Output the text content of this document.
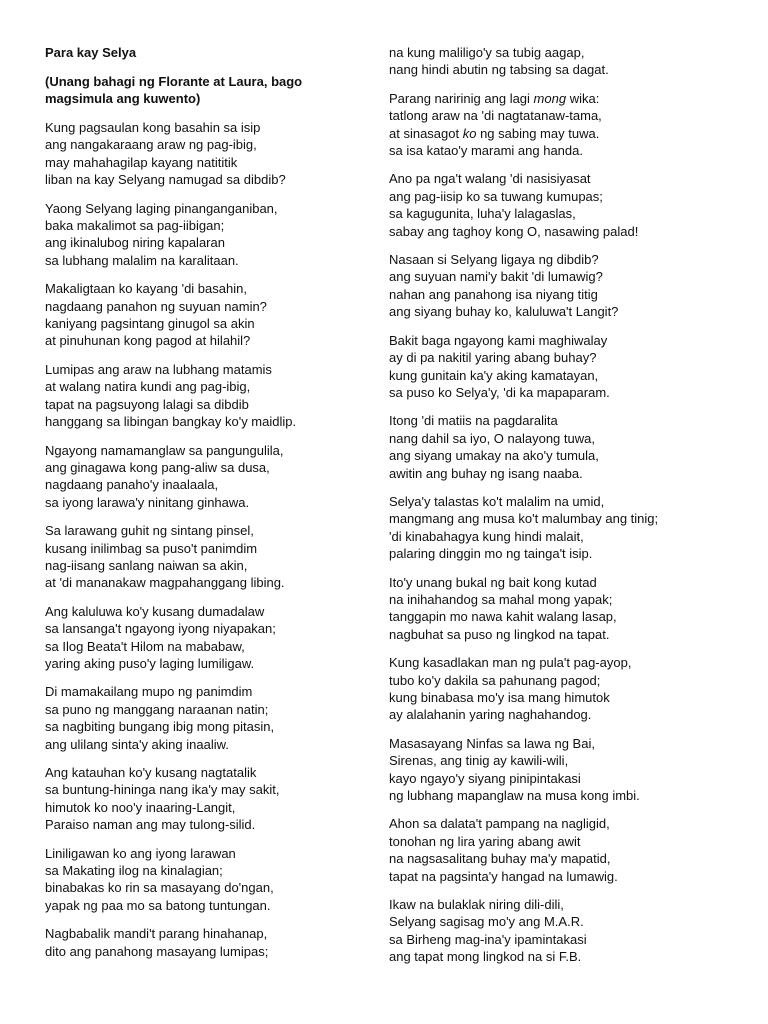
Para kay Selya
(Unang bahagi ng Florante at Laura, bago magsimula ang kuwento)
Kung pagsaulan kong basahin sa isip
ang nangakaraang araw ng pag-ibig,
may mahahagilap kayang natititik
liban na kay Selyang namugad sa dibdib?
Yaong Selyang laging pinanganganiban,
baka makalimot sa pag-iibigan;
ang ikinalubog niring kapalaran
sa lubhang malalim na karalitaan.
Makaligtaan ko kayang 'di basahin,
nagdaang panahon ng suyuan namin?
kaniyang pagsintang ginugol sa akin
at pinuhunan kong pagod at hilahil?
Lumipas ang araw na lubhang matamis
at walang natira kundi ang pag-ibig,
tapat na pagsuyong lalagi sa dibdib
hanggang sa libingan bangkay ko'y maidlip.
Ngayong namamanglaw sa pangungulila,
ang ginagawa kong pang-aliw sa dusa,
nagdaang panaho'y inaalaala,
sa iyong larawa'y ninitang ginhawa.
Sa larawang guhit ng sintang pinsel,
kusang inilimbag sa puso't panimdim
nag-iisang sanlang naiwan sa akin,
at 'di mananakaw magpahanggang libing.
Ang kaluluwa ko'y kusang dumadalaw
sa lansanga't ngayong iyong niyapakan;
sa Ilog Beata't Hilom na mababaw,
yaring aking puso'y laging lumiligaw.
Di mamakailang mupo ng panimdim
sa puno ng manggang naraanan natin;
sa nagbiting bungang ibig mong pitasin,
ang ulilang sinta'y aking inaaliw.
Ang katauhan ko'y kusang nagtatalik
sa buntung-hininga nang ika'y may sakit,
himutok ko noo'y inaaring-Langit,
Paraiso naman ang may tulong-silid.
Liniligawan ko ang iyong larawan
sa Makating ilog na kinalagian;
binabakas ko rin sa masayang do'ngan,
yapak ng paa mo sa batong tuntungan.
Nagbabalik mandi't parang hinahanap,
dito ang panahong masayang lumipas;
na kung maliligo'y sa tubig aagap,
nang hindi abutin ng tabsing sa dagat.
Parang naririnig ang lagi mong wika:
tatlong araw na 'di nagtatanaw-tama,
at sinasagot ko ng sabing may tuwa.
sa isa katao'y marami ang handa.
Ano pa nga't walang 'di nasisiyasat
ang pag-iisip ko sa tuwang kumupas;
sa kagugunita, luha'y lalagaslas,
sabay ang taghoy kong O, nasawing palad!
Nasaan si Selyang ligaya ng dibdib?
ang suyuan nami'y bakit 'di lumawig?
nahan ang panahong isa niyang titig
ang siyang buhay ko, kaluluwa't Langit?
Bakit baga ngayong kami maghiwalay
ay di pa nakitil yaring abang buhay?
kung gunitain ka'y aking kamatayan,
sa puso ko Selya'y, 'di ka mapaparam.
Itong 'di matiis na pagdaralita
nang dahil sa iyo, O nalayong tuwa,
ang siyang umakay na ako'y tumula,
awitin ang buhay ng isang naaba.
Selya'y talastas ko't malalim na umid,
mangmang ang musa ko't malumbay ang tinig;
'di kinabahagya kung hindi malait,
palaring dinggin mo ng tainga't isip.
Ito'y unang bukal ng bait kong kutad
na inihahandog sa mahal mong yapak;
tanggapin mo nawa kahit walang lasap,
nagbuhat sa puso ng lingkod na tapat.
Kung kasadlakan man ng pula't pag-ayop,
tubo ko'y dakila sa pahunang pagod;
kung binabasa mo'y isa mang himutok
ay alalahanin yaring naghahandog.
Masasayang Ninfas sa lawa ng Bai,
Sirenas, ang tinig ay kawili-wili,
kayo ngayo'y siyang pinipintakasi
ng lubhang mapanglaw na musa kong imbi.
Ahon sa dalata't pampang na nagligid,
tonohan ng lira yaring abang awit
na nagsasalitang buhay ma'y mapatid,
tapat na pagsinta'y hangad na lumawig.
Ikaw na bulaklak niring dili-dili,
Selyang sagisag mo'y ang M.A.R.
sa Birheng mag-ina'y ipamintakasi
ang tapat mong lingkod na si F.B.
